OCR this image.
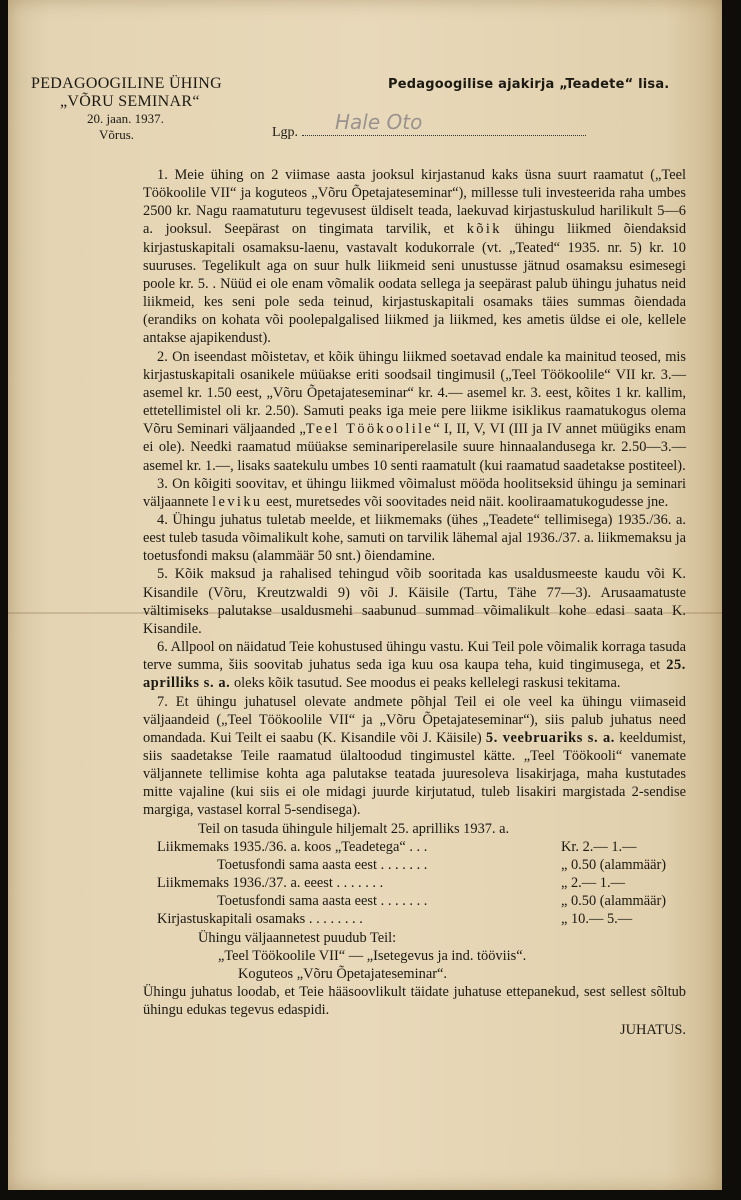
PEDAGOOGILINE ÜHING
„VÕRU SEMINAR“
20. jaan. 1937.
Võrus.
Pedagoogilise ajakirja „Teadete“ lisa.
Lgp.	Hale Oto

1. Meie ühing on 2 viimase aasta jooksul kirjastanud kaks üsna suurt raamatut („Teel Töökoolile VII“ ja koguteos „Võru Õpetajateseminar“), millesse tuli investeerida raha umbes 2500 kr. Nagu raamatuturu tegevusest üldiselt teada, laekuvad kirjastuskulud harilikult 5—6 a. jooksul. Seepärast on tingimata tarvilik, et kõik ühingu liikmed õiendaksid kirjastuskapitali osamaksu-laenu, vastavalt kodukorrale (vt. „Teated“ 1935. nr. 5) kr. 10 suuruses. Tegelikult aga on suur hulk liikmeid seni unustusse jätnud osamaksu esimesegi poole kr. 5. . Nüüd ei ole enam võmalik oodata sellega ja seepärast palub ühingu juhatus neid liikmeid, kes seni pole seda teinud, kirjastuskapitali osamaks täies summas õiendada (erandiks on kohata või poolepalgalised liikmed ja liikmed, kes ametis üldse ei ole, kellele antakse ajapikendust).

2. On iseendast mõistetav, et kõik ühingu liikmed soetavad endale ka mainitud teosed, mis kirjastuskapitali osanikele müüakse eriti soodsail tingimusil („Teel Töökoolile“ VII kr. 3.— asemel kr. 1.50 eest, „Võru Õpetajateseminar“ kr. 4.— asemel kr. 3. eest, kõites 1 kr. kallim, ettetellimistel oli kr. 2.50). Samuti peaks iga meie pere liikme isiklikus raamatukogus olema Võru Seminari väljaanded „Teel Töökoolile“ I, II, V, VI (III ja IV annet müügiks enam ei ole). Needki raamatud müüakse seminariperelasile suure hinnaalandusega kr. 2.50—3.— asemel kr. 1.—, lisaks saatekulu umbes 10 senti raamatult (kui raamatud saadetakse postiteel).

3. On kõigiti soovitav, et ühingu liikmed võimalust mööda hoolitseksid ühingu ja seminari väljaannete leviku eest, muretsedes või soovitades neid näit. kooliraamatukogudesse jne.

4. Ühingu juhatus tuletab meelde, et liikmemaks (ühes „Teadete“ tellimisega) 1935./36. a. eest tuleb tasuda võimalikult kohe, samuti on tarvilik lähemal ajal 1936./37. a. liikmemaksu ja toetusfondi maksu (alammäär 50 snt.) õiendamine.

5. Kõik maksud ja rahalised tehingud võib sooritada kas usaldusmeeste kaudu või K. Kisandile (Võru, Kreutzwaldi 9) või J. Käisile (Tartu, Tähe 77—3). Arusaamatuste vältimiseks palutakse usaldusmehi saabunud summad võimalikult kohe edasi saata K. Kisandile.

6. Allpool on näidatud Teie kohustused ühingu vastu. Kui Teil pole võimalik korraga tasuda terve summa, šiis soovitab juhatus seda iga kuu osa kaupa teha, kuid tingimusega, et 25. aprilliks s. a. oleks kõik tasutud. See moodus ei peaks kellelegi raskusi tekitama.

7. Et ühingu juhatusel olevate andmete põhjal Teil ei ole veel ka ühingu viimaseid väljaandeid („Teel Töökoolile VII“ ja „Võru Õpetajateseminar“), siis palub juhatus need omandada. Kui Teilt ei saabu (K. Kisandile või J. Käisile) 5. veebruariks s. a. keeldumist, siis saadetakse Teile raamatud ülaltoodud tingimustel kätte. „Teel Töökooli“ vanemate väljannete tellimise kohta aga palutakse teatada juuresoleva lisakirjaga, maha kustutades mitte vajaline (kui siis ei ole midagi juurde kirjutatud, tuleb lisakiri margistada 2-sendise margiga, vastasel korral 5-sendisega).

Teil on tasuda ühingule hiljemalt 25. aprilliks 1937. a.

Liikmemaks 1935./36. a. koos „Teadetega“ . . .	Kr. 2.— 1.—
Toetusfondi sama aasta eest . . . . . . .	„ 0.50 (alammäär)
Liikmemaks 1936./37. a. eeest . . . . . . .	„ 2.— 1.—
Toetusfondi sama aasta eest . . . . . . .	„ 0.50 (alammäär)
Kirjastuskapitali osamaks . . . . . . . .	„ 10.— 5.—

Ühingu väljaannetest puudub Teil:

„Teel Töökoolile VII“ — „Isetegevus ja ind. tööviis“.

Koguteos „Võru Õpetajateseminar“.

Ühingu juhatus loodab, et Teie hääsoovlikult täidate juhatuse ettepanekud, sest sellest sõltub ühingu edukas tegevus edaspidi.

JUHATUS.
